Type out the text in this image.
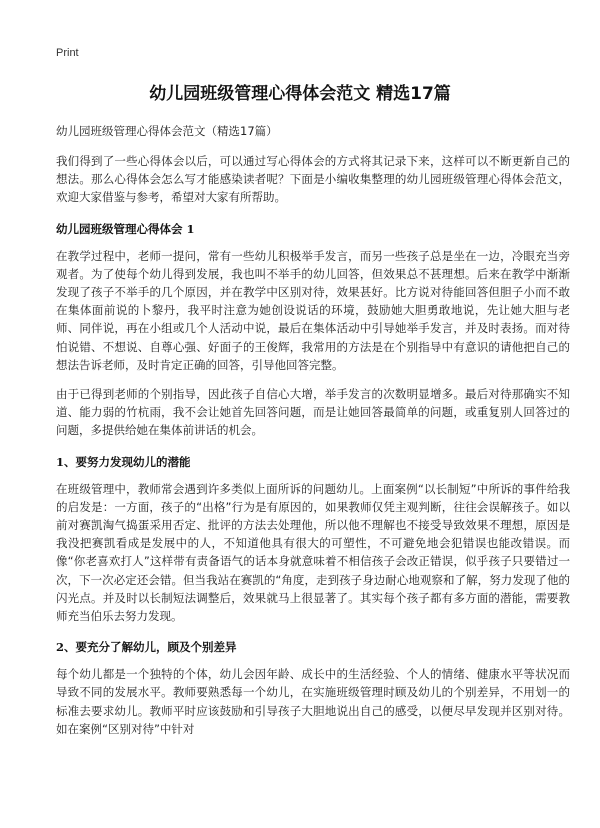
Print
幼儿园班级管理心得体会范文 精选17篇
幼儿园班级管理心得体会范文（精选17篇）

我们得到了一些心得体会以后，可以通过写心得体会的方式将其记录下来，这样可以不断更新自己的想法。那么心得体会怎么写才能感染读者呢？下面是小编收集整理的幼儿园班级管理心得体会范文，欢迎大家借鉴与参考，希望对大家有所帮助。

幼儿园班级管理心得体会 1

在教学过程中，老师一提问，常有一些幼儿积极举手发言，而另一些孩子总是坐在一边，冷眼充当旁观者。为了使每个幼儿得到发展，我也叫不举手的幼儿回答，但效果总不甚理想。后来在教学中渐渐发现了孩子不举手的几个原因，并在教学中区别对待，效果甚好。比方说对待能回答但胆子小而不敢在集体面前说的卜黎丹，我平时注意为她创设说话的环境，鼓励她大胆勇敢地说，先让她大胆与老师、同伴说，再在小组或几个人活动中说，最后在集体活动中引导她举手发言，并及时表扬。而对待怕说错、不想说、自尊心强、好面子的王俊辉，我常用的方法是在个别指导中有意识的请他把自己的想法告诉老师，及时肯定正确的回答，引导他回答完整。

由于已得到老师的个别指导，因此孩子自信心大增，举手发言的次数明显增多。最后对待那确实不知道、能力弱的竹杭雨，我不会让她首先回答问题，而是让她回答最简单的问题，或重复别人回答过的问题，多提供给她在集体前讲话的机会。

1、要努力发现幼儿的潜能

在班级管理中，教师常会遇到许多类似上面所诉的问题幼儿。上面案例“以长制短”中所诉的事件给我的启发是：一方面，孩子的“出格”行为是有原因的，如果教师仅凭主观判断，往往会误解孩子。如以前对赛凯淘气捣蛋采用否定、批评的方法去处理他，所以他不理解也不接受导致效果不理想，原因是我没把赛凯看成是发展中的人，不知道他具有很大的可塑性，不可避免地会犯错误也能改错误。而像“你老喜欢打人”这样带有责备语气的话本身就意味着不相信孩子会改正错误，似乎孩子只要错过一次，下一次必定还会错。但当我站在赛凯的“角度，走到孩子身边耐心地观察和了解，努力发现了他的闪光点。并及时以长制短法调整后，效果就马上很显著了。其实每个孩子都有多方面的潜能，需要教师充当伯乐去努力发现。

2、要充分了解幼儿，顾及个别差异

每个幼儿都是一个独特的个体，幼儿会因年龄、成长中的生活经验、个人的情绪、健康水平等状况而导致不同的发展水平。教师要熟悉每一个幼儿，在实施班级管理时顾及幼儿的个别差异，不用划一的标准去要求幼儿。教师平时应该鼓励和引导孩子大胆地说出自己的感受，以便尽早发现并区别对待。如在案例“区别对待”中针对
